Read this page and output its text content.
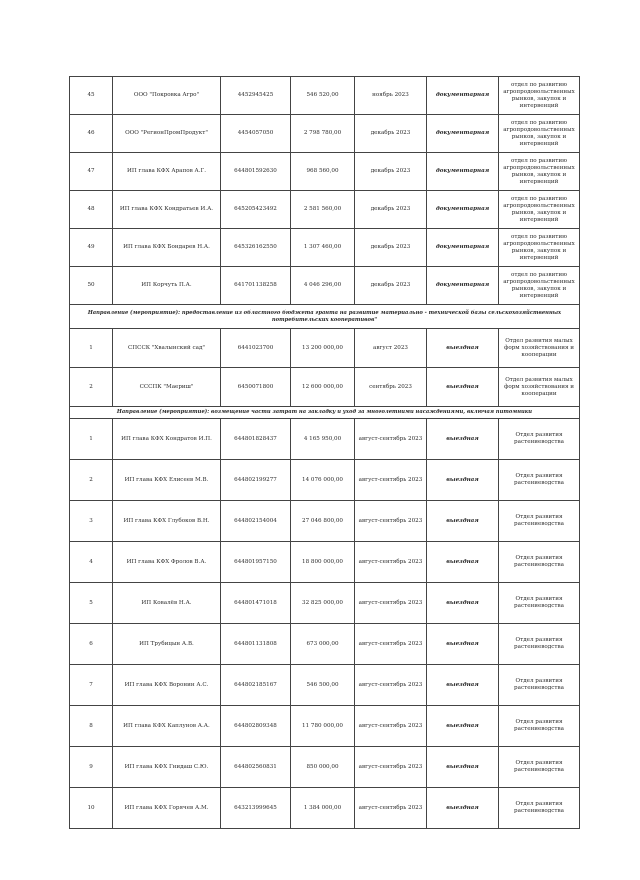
45	ООО "Покровка Агро"	4452945425	546 520,00	ноябрь 2023	документарная	отдел по развитию агропродовольственных рынков, закупок и интервенций
46	ООО "РегионПромПродукт"	4454057050	2 798 780,00	декабрь 2023	документарная	отдел по развитию агропродовольственных рынков, закупок и интервенций
47	ИП глава КФХ Арапов А.Г.	644801592630	968 560,00	декабрь 2023	документарная	отдел по развитию агропродовольственных рынков, закупок и интервенций
48	ИП глава КФХ Кондратьев И.А.	645205423492	2 581 560,00	декабрь 2023	документарная	отдел по развитию агропродовольственных рынков, закупок и интервенций
49	ИП глава КФХ Бондарев Н.А.	645326162550	1 307 460,00	декабрь 2023	документарная	отдел по развитию агропродовольственных рынков, закупок и интервенций
50	ИП Корчуть П.А.	641701138258	4 046 296,00	декабрь 2023	документарная	отдел по развитию агропродовольственных рынков, закупок и интервенций
Направление (мероприятие): предоставление из областного бюджета гранта на развитие материально - технической базы сельскохозяйственных потребительских кооперативов"						
1	СПССК "Хвалынский сад"	6441023700	13 200 000,00	август 2023	выездная	Отдел развития малых форм хозяйствования и кооперации
2	СССПК "Маериш"	6450071800	12 600 000,00	сентябрь 2023	выездная	Отдел развития малых форм хозяйствования и кооперации
Направление (мероприятие): возмещение части затрат на закладку и уход за многолетними насаждениями, включая питомники						
1	ИП глава КФХ Кондратов И.П.	644801828437	4 165 950,00	август-сентябрь 2023	выездная	Отдел развития растениеводства
2	ИП глава КФХ Елисеев М.В.	644802199277	14 076 000,00	август-сентябрь 2023	выездная	Отдел развития растениеводства
3	ИП глава КФХ Глубоков В.Н.	644802154004	27 046 800,00	август-сентябрь 2023	выездная	Отдел развития растениеводства
4	ИП глава КФХ Фролов В.А.	644801957150	18 800 000,00	август-сентябрь 2023	выездная	Отдел развития растениеводства
5	ИП Ковалёв Н.А.	644801471018	32 825 000,00	август-сентябрь 2023	выездная	Отдел развития растениеводства
6	ИП Трубицын А.В.	644801131808	673 000,00	август-сентябрь 2023	выездная	Отдел развития растениеводства
7	ИП глава КФХ Воронин А.С.	644802185167	546 500,00	август-сентябрь 2023	выездная	Отдел развития растениеводства
8	ИП глава КФХ Каплунов А.А.	644802809348	11 780 000,00	август-сентябрь 2023	выездная	Отдел развития растениеводства
9	ИП глава КФХ Гнидаш С.Ю.	644802560831	850 000,00	август-сентябрь 2023	выездная	Отдел развития растениеводства
10	ИП глава КФХ Горячев А.М.	643213999645	1 384 000,00	август-сентябрь 2023	выездная	Отдел развития растениеводства
